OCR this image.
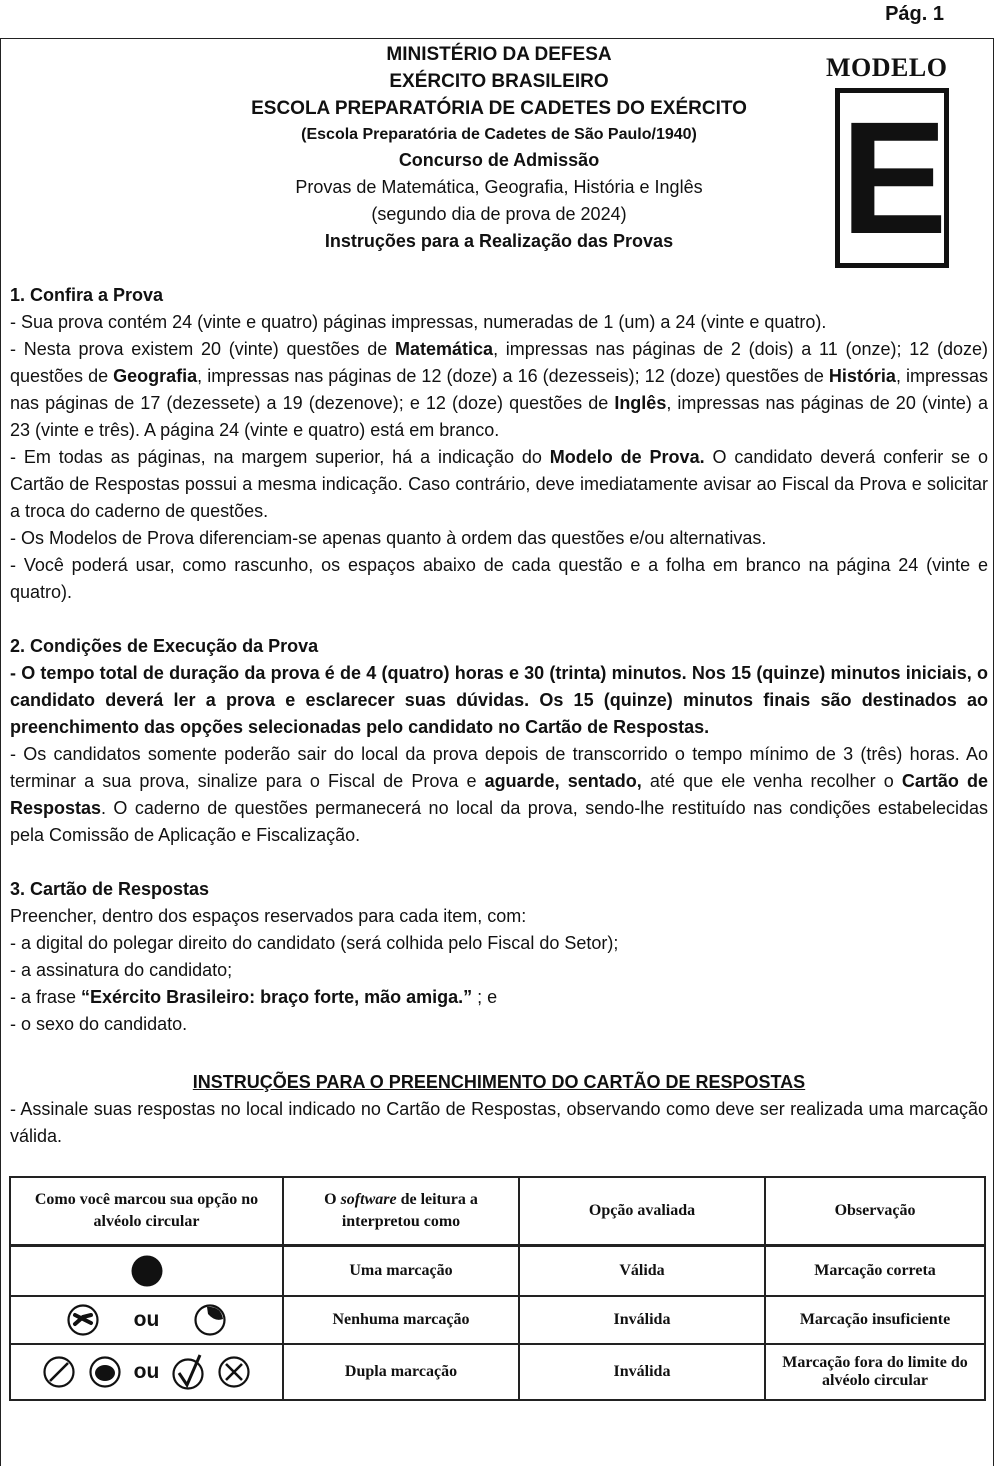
Pág. 1
MINISTÉRIO DA DEFESA
EXÉRCITO BRASILEIRO
ESCOLA PREPARATÓRIA DE CADETES DO EXÉRCITO
(Escola Preparatória de Cadetes de São Paulo/1940)
Concurso de Admissão
Provas de Matemática, Geografia, História e Inglês
(segundo dia de prova de 2024)
Instruções para a Realização das Provas
MODELO
E

1. Confira a Prova

- Sua prova contém 24 (vinte e quatro) páginas impressas, numeradas de 1 (um) a 24 (vinte e quatro).

- Nesta prova existem 20 (vinte) questões de Matemática, impressas nas páginas de 2 (dois) a 11 (onze); 12 (doze) questões de Geografia, impressas nas páginas de 12 (doze) a 16 (dezesseis); 12 (doze) questões de História, impressas nas páginas de 17 (dezessete) a 19 (dezenove); e 12 (doze) questões de Inglês, impressas nas páginas de 20 (vinte) a 23 (vinte e três). A página 24 (vinte e quatro) está em branco.

- Em todas as páginas, na margem superior, há a indicação do Modelo de Prova. O candidato deverá conferir se o Cartão de Respostas possui a mesma indicação. Caso contrário, deve imediatamente avisar ao Fiscal da Prova e solicitar a troca do caderno de questões.

- Os Modelos de Prova diferenciam-se apenas quanto à ordem das questões e/ou alternativas.

- Você poderá usar, como rascunho, os espaços abaixo de cada questão e a folha em branco na página 24 (vinte e quatro).

2. Condições de Execução da Prova

- O tempo total de duração da prova é de 4 (quatro) horas e 30 (trinta) minutos. Nos 15 (quinze) minutos iniciais, o candidato deverá ler a prova e esclarecer suas dúvidas. Os 15 (quinze) minutos finais são destinados ao preenchimento das opções selecionadas pelo candidato no Cartão de Respostas.

- Os candidatos somente poderão sair do local da prova depois de transcorrido o tempo mínimo de 3 (três) horas. Ao terminar a sua prova, sinalize para o Fiscal de Prova e aguarde, sentado, até que ele venha recolher o Cartão de Respostas. O caderno de questões permanecerá no local da prova, sendo-lhe restituído nas condições estabelecidas pela Comissão de Aplicação e Fiscalização.

3. Cartão de Respostas

Preencher, dentro dos espaços reservados para cada item, com:

- a digital do polegar direito do candidato (será colhida pelo Fiscal do Setor);

- a assinatura do candidato;

- a frase “Exército Brasileiro: braço forte, mão amiga.” ; e

- o sexo do candidato.

INSTRUÇÕES PARA O PREENCHIMENTO DO CARTÃO DE RESPOSTAS

- Assinale suas respostas no local indicado no Cartão de Respostas, observando como deve ser realizada uma marcação válida.

Como você marcou sua opção no alvéolo circular	O software de leitura a interpretou como	Opção avaliada	Observação

	Uma marcação	Válida	Marcação correta

ou	Nenhuma marcação	Inválida	Marcação insuficiente

ou	Dupla marcação	Inválida	Marcação fora do limite do alvéolo circular
